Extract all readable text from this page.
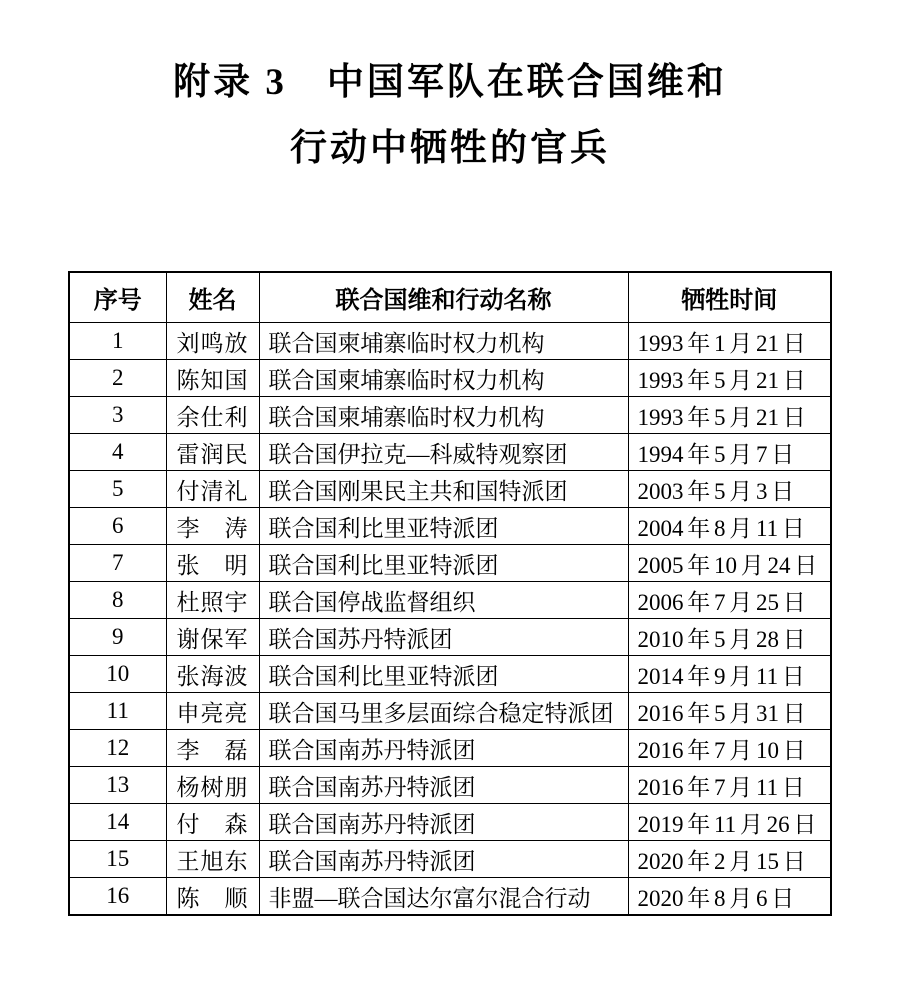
附录 3　中国军队在联合国维和
行动中牺牲的官兵
序号	姓名	联合国维和行动名称	牺牲时间
1	刘鸣放	联合国柬埔寨临时权力机构	1993 年 1 月 21 日
2	陈知国	联合国柬埔寨临时权力机构	1993 年 5 月 21 日
3	余仕利	联合国柬埔寨临时权力机构	1993 年 5 月 21 日
4	雷润民	联合国伊拉克—科威特观察团	1994 年 5 月 7 日
5	付清礼	联合国刚果民主共和国特派团	2003 年 5 月 3 日
6	李　涛	联合国利比里亚特派团	2004 年 8 月 11 日
7	张　明	联合国利比里亚特派团	2005 年 10 月 24 日
8	杜照宇	联合国停战监督组织	2006 年 7 月 25 日
9	谢保军	联合国苏丹特派团	2010 年 5 月 28 日
10	张海波	联合国利比里亚特派团	2014 年 9 月 11 日
11	申亮亮	联合国马里多层面综合稳定特派团	2016 年 5 月 31 日
12	李　磊	联合国南苏丹特派团	2016 年 7 月 10 日
13	杨树朋	联合国南苏丹特派团	2016 年 7 月 11 日
14	付　森	联合国南苏丹特派团	2019 年 11 月 26 日
15	王旭东	联合国南苏丹特派团	2020 年 2 月 15 日
16	陈　顺	非盟—联合国达尔富尔混合行动	2020 年 8 月 6 日
